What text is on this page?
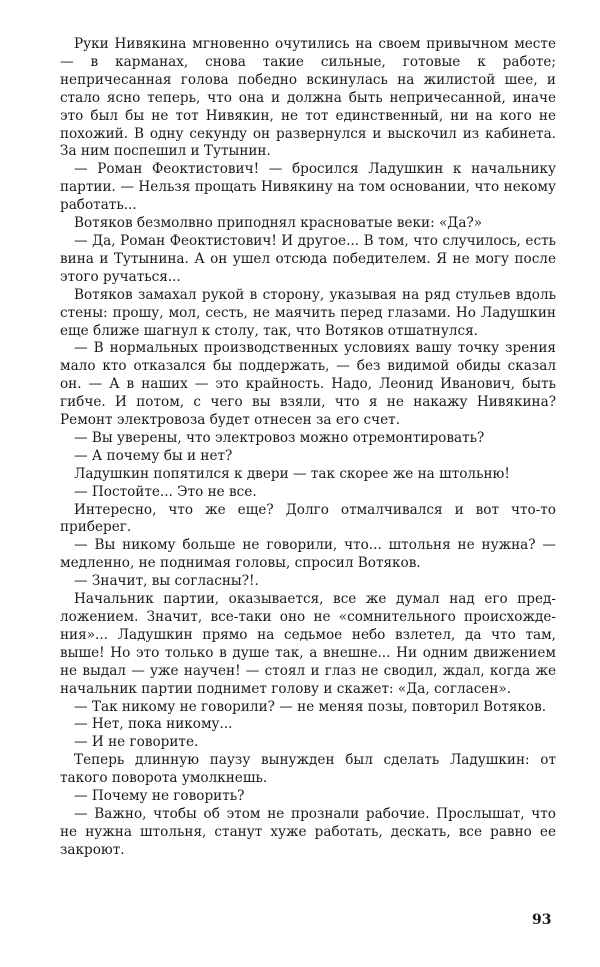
Руки Нивякина мгновенно очутились на своем привычном месте — в карманах, снова такие сильные, готовые к работе; непричесанная голова победно вскинулась на жилистой шее, и стало ясно теперь, что она и должна быть непричесанной, иначе это был бы не тот Нивякин, не тот единственный, ни на кого не похожий. В одну секунду он развернулся и выскочил из кабинета. За ним поспешил и Тутынин.

— Роман Феоктистович! — бросился Ладушкин к начальнику партии. — Нельзя прощать Нивякину на том основании, что некому работать...

Вотяков безмолвно приподнял красноватые веки: «Да?»

— Да, Роман Феоктистович! И другое... В том, что случилось, есть вина и Тутынина. А он ушел отсюда победителем. Я не могу после этого ручаться...

Вотяков замахал рукой в сторону, указывая на ряд стульев вдоль стены: прошу, мол, сесть, не маячить перед глазами. Но Ладушкин еще ближе шагнул к столу, так, что Вотяков отшатнулся.

— В нормальных производственных условиях вашу точку зрения мало кто отказался бы поддержать, — без видимой обиды сказал он. — А в наших — это крайность. Надо, Леонид Иванович, быть гибче. И потом, с чего вы взяли, что я не накажу Нивякина? Ремонт электровоза будет отнесен за его счет.

— Вы уверены, что электровоз можно отремонтировать?

— А почему бы и нет?

Ладушкин попятился к двери — так скорее же на штольню!

— Постойте... Это не все.

Интересно, что же еще? Долго отмалчивался и вот что-то приберег.

— Вы никому больше не говорили, что... штольня не нужна? — медленно, не поднимая головы, спросил Вотяков.

— Значит, вы согласны?!.

Начальник партии, оказывается, все же думал над его предложением. Значит, все-таки оно не «сомнительного происхождения»... Ладушкин прямо на седьмое небо взлетел, да что там, выше! Но это только в душе так, а внешне... Ни одним движением не выдал — уже научен! — стоял и глаз не сводил, ждал, когда же начальник партии поднимет голову и скажет: «Да, согласен».

— Так никому не говорили? — не меняя позы, повторил Вотяков.

— Нет, пока никому...

— И не говорите.

Теперь длинную паузу вынужден был сделать Ладушкин: от такого поворота умолкнешь.

— Почему не говорить?

— Важно, чтобы об этом не прознали рабочие. Прослышат, что не нужна штольня, станут хуже работать, дескать, все равно ее закроют.

93
